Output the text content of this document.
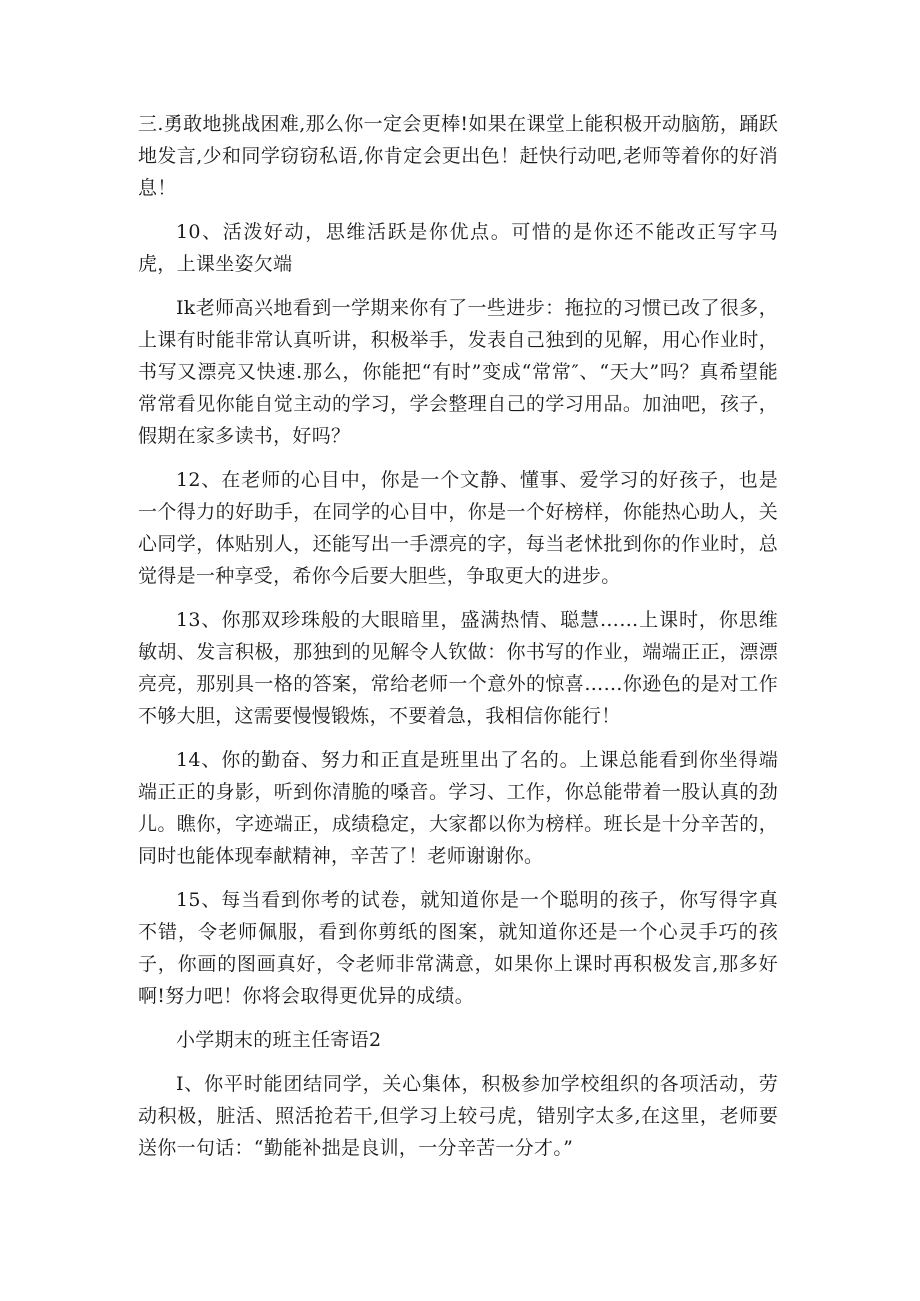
三.勇敢地挑战困难,那么你一定会更棒!如果在课堂上能积极开动脑筋，踊跃地发言,少和同学窃窃私语,你肯定会更出色！赶快行动吧,老师等着你的好消息！

10、活泼好动，思维活跃是你优点。可惜的是你还不能改正写字马虎，上课坐姿欠端

Ik老师高兴地看到一学期来你有了一些进步：拖拉的习惯已改了很多，上课有时能非常认真听讲，积极举手，发表自己独到的见解，用心作业时，书写又漂亮又快速.那么，你能把“有时”变成“常常″、“天大”吗？真希望能常常看见你能自觉主动的学习，学会整理自己的学习用品。加油吧，孩子，假期在家多读书，好吗？

12、在老师的心目中，你是一个文静、懂事、爱学习的好孩子，也是一个得力的好助手，在同学的心目中，你是一个好榜样，你能热心助人，关心同学，体贴别人，还能写出一手漂亮的字，每当老怵批到你的作业时，总觉得是一种享受，希你今后要大胆些，争取更大的进步。

13、你那双珍珠般的大眼暗里，盛满热情、聪慧……上课时，你思维敏胡、发言积极，那独到的见解令人钦做：你书写的作业，端端正正，漂漂亮亮，那别具一格的答案，常给老师一个意外的惊喜……你逊色的是对工作不够大胆，这需要慢慢锻炼，不要着急，我相信你能行！

14、你的勤奋、努力和正直是班里出了名的。上课总能看到你坐得端端正正的身影，听到你清脆的嗓音。学习、工作，你总能带着一股认真的劲儿。瞧你，字迹端正，成绩稳定，大家都以你为榜样。班长是十分辛苦的，同时也能体现奉献精神，辛苦了！老师谢谢你。

15、每当看到你考的试卷，就知道你是一个聪明的孩子，你写得字真不错，令老师佩服，看到你剪纸的图案，就知道你还是一个心灵手巧的孩子，你画的图画真好，令老师非常满意，如果你上课时再积极发言,那多好啊!努力吧！你将会取得更优异的成绩。

小学期末的班主任寄语2

I、你平时能团结同学，关心集体，积极参加学校组织的各项活动，劳动积极，脏活、照活抢若干,但学习上较弓虎，错别字太多,在这里，老师要送你一句话：“勤能补拙是良训，一分辛苦一分才。”
